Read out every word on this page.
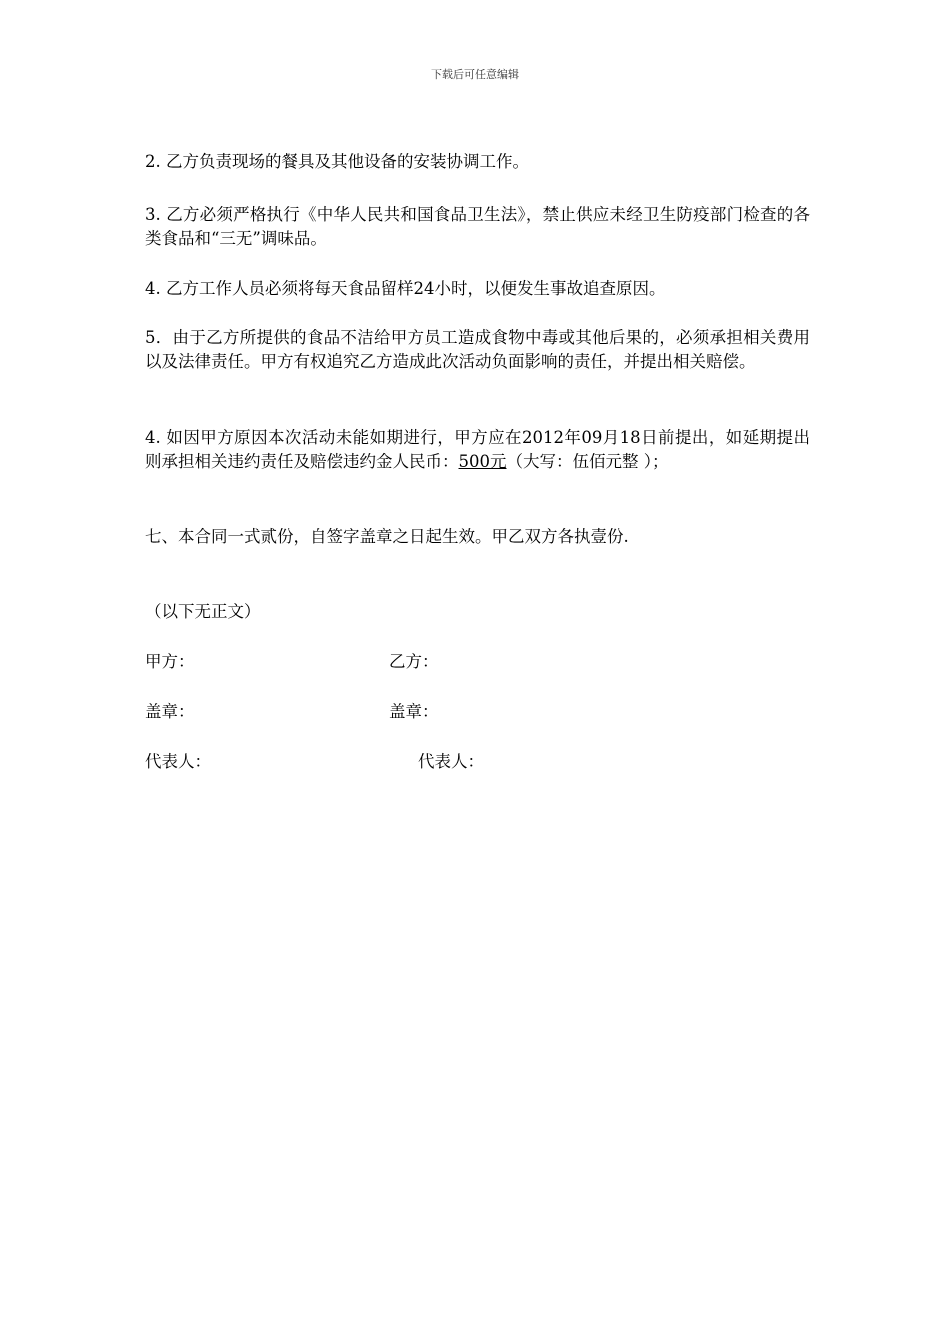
下载后可任意编辑
2. 乙方负责现场的餐具及其他设备的安装协调工作。
3. 乙方必须严格执行《中华人民共和国食品卫生法》，禁止供应未经卫生防疫部门检查的各类食品和“三无”调味品。
4. 乙方工作人员必须将每天食品留样24小时，以便发生事故追查原因。
5．由于乙方所提供的食品不洁给甲方员工造成食物中毒或其他后果的，必须承担相关费用以及法律责任。甲方有权追究乙方造成此次活动负面影响的责任，并提出相关赔偿。
4. 如因甲方原因本次活动未能如期进行，甲方应在2012年09月18日前提出，如延期提出则承担相关违约责任及赔偿违约金人民币：500元（大写：伍佰元整 ）；
七、本合同一式贰份，自签字盖章之日起生效。甲乙双方各执壹份.
（以下无正文）
甲方：	乙方：
盖章：	盖章：
代表人：	代表人：
